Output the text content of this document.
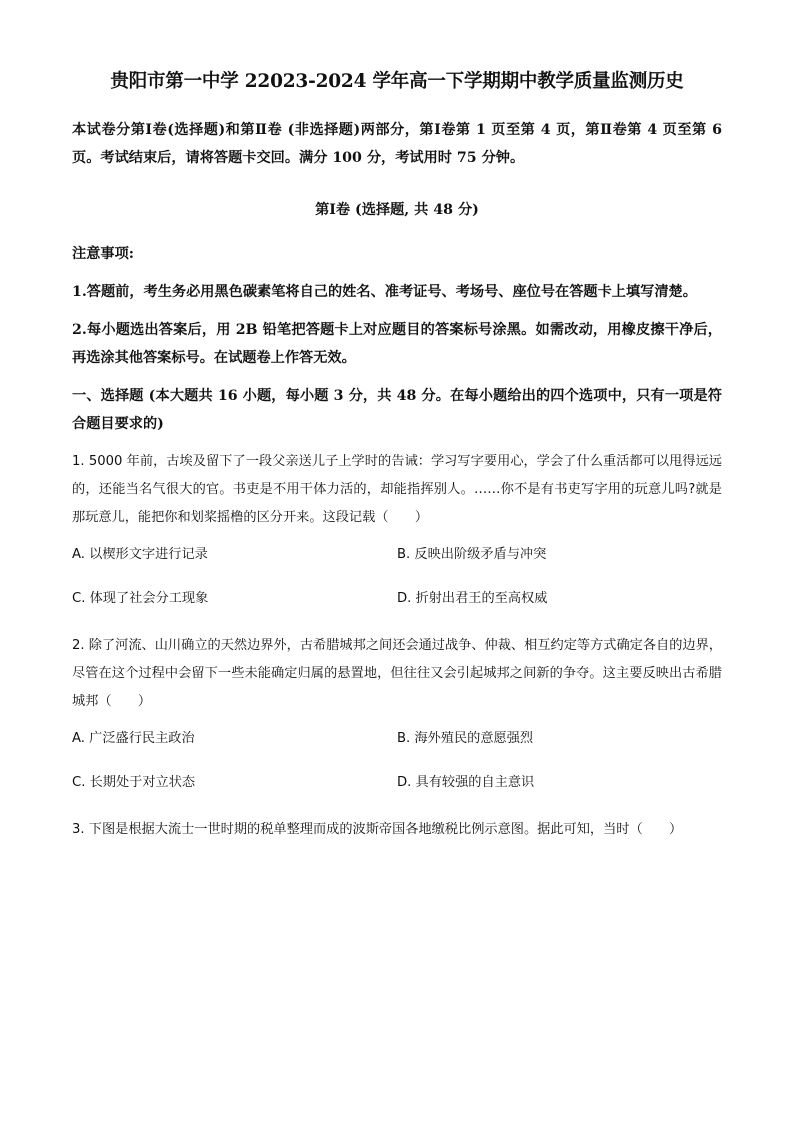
贵阳市第一中学 22023-2024 学年高一下学期期中教学质量监测历史
本试卷分第Ⅰ卷(选择题)和第Ⅱ卷 (非选择题)两部分，第Ⅰ卷第 1 页至第 4 页，第Ⅱ卷第 4 页至第 6 页。考试结束后，请将答题卡交回。满分 100 分，考试用时 75 分钟。
第Ⅰ卷 (选择题, 共 48 分)
注意事项:
1.答题前，考生务必用黑色碳素笔将自己的姓名、准考证号、考场号、座位号在答题卡上填写清楚。
2.每小题选出答案后，用 2B 铅笔把答题卡上对应题目的答案标号涂黑。如需改动，用橡皮擦干净后，再选涂其他答案标号。在试题卷上作答无效。
一、选择题 (本大题共 16 小题，每小题 3 分，共 48 分。在每小题给出的四个选项中，只有一项是符合题目要求的)
1. 5000 年前，古埃及留下了一段父亲送儿子上学时的告诫：学习写字要用心，学会了什么重活都可以甩得远远的，还能当名气很大的官。书吏是不用干体力活的，却能指挥别人。……你不是有书吏写字用的玩意儿吗?就是那玩意儿，能把你和划桨摇橹的区分开来。这段记载（　　）
A. 以楔形文字进行记录	B. 反映出阶级矛盾与冲突
C. 体现了社会分工现象	D. 折射出君王的至高权威
2. 除了河流、山川确立的天然边界外，古希腊城邦之间还会通过战争、仲裁、相互约定等方式确定各自的边界，尽管在这个过程中会留下一些未能确定归属的悬置地，但往往又会引起城邦之间新的争夺。这主要反映出古希腊城邦（　　）
A. 广泛盛行民主政治	B. 海外殖民的意愿强烈
C. 长期处于对立状态	D. 具有较强的自主意识
3. 下图是根据大流士一世时期的税单整理而成的波斯帝国各地缴税比例示意图。据此可知，当时（　　）
